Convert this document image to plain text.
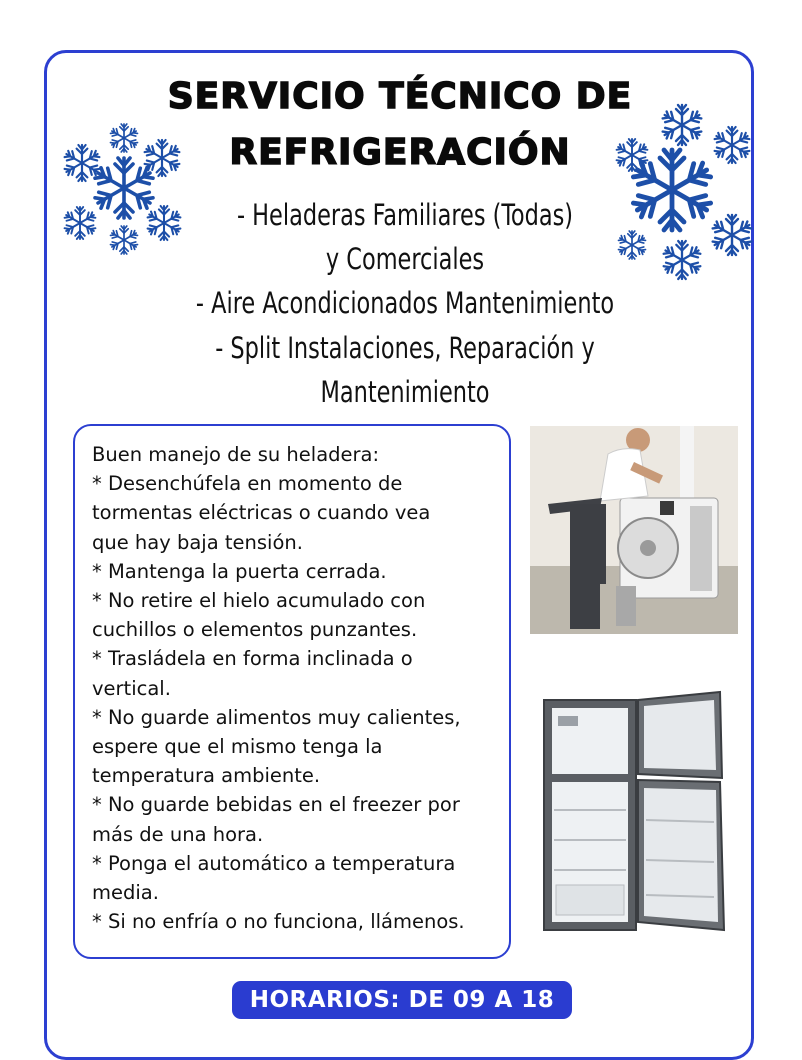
SERVICIO TÉCNICO DE
REFRIGERACIÓN
- Heladeras Familiares (Todas)
y Comerciales
- Aire Acondicionados Mantenimiento
- Split Instalaciones, Reparación y
Mantenimiento
Buen manejo de su heladera:
* Desenchúfela en momento de
tormentas eléctricas o cuando vea
que hay baja tensión.
* Mantenga la puerta cerrada.
* No retire el hielo acumulado con
cuchillos o elementos punzantes.
* Trasládela en forma inclinada o
vertical.
* No guarde alimentos muy calientes,
espere que el mismo tenga la
temperatura ambiente.
* No guarde bebidas en el freezer por
más de una hora.
* Ponga el automático a temperatura
media.
* Si no enfría o no funciona, llámenos.
HORARIOS: DE 09 A 18 HS.
